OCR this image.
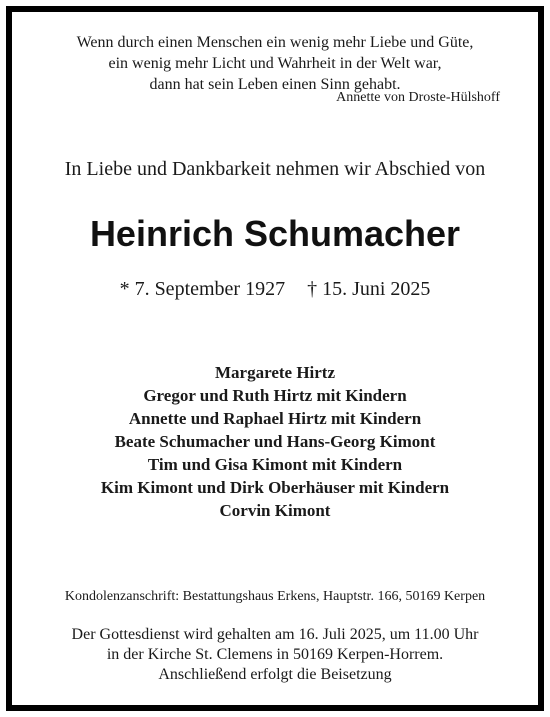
Wenn durch einen Menschen ein wenig mehr Liebe und Güte,
ein wenig mehr Licht und Wahrheit in der Welt war,
dann hat sein Leben einen Sinn gehabt.
Annette von Droste-Hülshoff
In Liebe und Dankbarkeit nehmen wir Abschied von
Heinrich Schumacher
* 7. September 1927 † 15. Juni 2025
Margarete Hirtz
Gregor und Ruth Hirtz mit Kindern
Annette und Raphael Hirtz mit Kindern
Beate Schumacher und Hans-Georg Kimont
Tim und Gisa Kimont mit Kindern
Kim Kimont und Dirk Oberhäuser mit Kindern
Corvin Kimont
Kondolenzanschrift: Bestattungshaus Erkens, Hauptstr. 166, 50169 Kerpen
Der Gottesdienst wird gehalten am 16. Juli 2025, um 11.00 Uhr
in der Kirche St. Clemens in 50169 Kerpen-Horrem.
Anschließend erfolgt die Beisetzung
